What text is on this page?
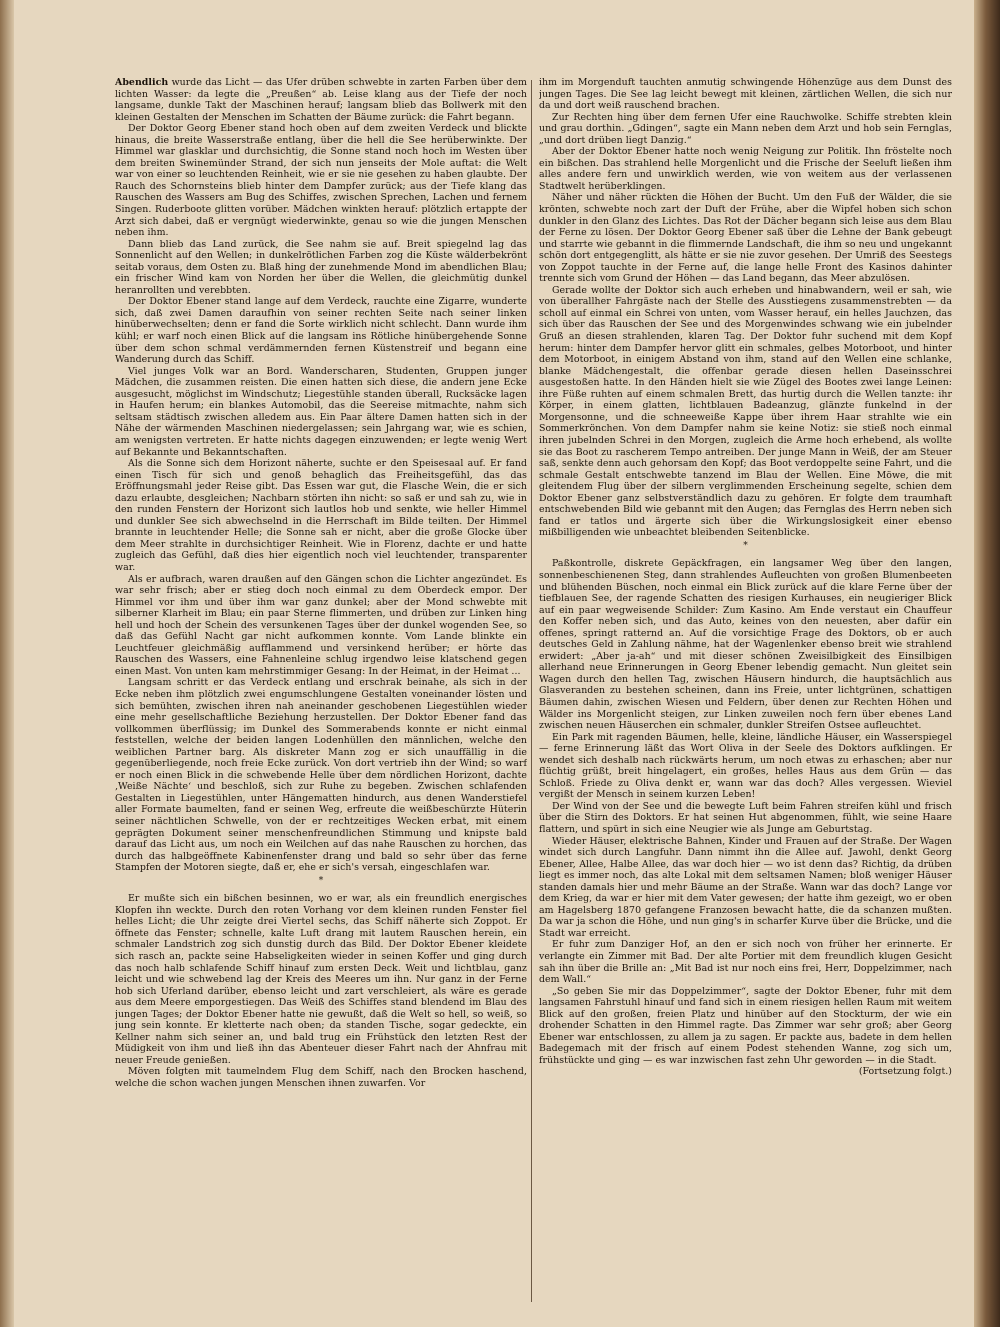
Abendlich wurde das Licht — das Ufer drüben schwebte in zarten Farben über dem lichten Wasser: da legte die „Preußen“ ab. Leise klang aus der Tiefe der noch langsame, dunkle Takt der Maschinen herauf; langsam blieb das Bollwerk mit den kleinen Gestalten der Menschen im Schatten der Bäume zurück: die Fahrt begann.

Der Doktor Georg Ebener stand hoch oben auf dem zweiten Verdeck und blickte hinaus, die breite Wasserstraße entlang, über die hell die See herüberwinkte. Der Himmel war glasklar und durchsichtig, die Sonne stand noch hoch im Westen über dem breiten Swinemünder Strand, der sich nun jenseits der Mole auftat: die Welt war von einer so leuchtenden Reinheit, wie er sie nie gesehen zu haben glaubte. Der Rauch des Schornsteins blieb hinter dem Dampfer zurück; aus der Tiefe klang das Rauschen des Wassers am Bug des Schiffes, zwischen Sprechen, Lachen und fernem Singen. Ruderboote glitten vorüber. Mädchen winkten herauf: plötzlich ertappte der Arzt sich dabei, daß er vergnügt wiederwinkte, genau so wie die jungen Menschen neben ihm.

Dann blieb das Land zurück, die See nahm sie auf. Breit spiegelnd lag das Sonnenlicht auf den Wellen; in dunkelrötlichen Farben zog die Küste wälderbekrönt seitab voraus, dem Osten zu. Blaß hing der zunehmende Mond im abendlichen Blau; ein frischer Wind kam von Norden her über die Wellen, die gleichmütig dunkel heranrollten und verebbten.

Der Doktor Ebener stand lange auf dem Verdeck, rauchte eine Zigarre, wunderte sich, daß zwei Damen daraufhin von seiner rechten Seite nach seiner linken hinüberwechselten; denn er fand die Sorte wirklich nicht schlecht. Dann wurde ihm kühl; er warf noch einen Blick auf die langsam ins Rötliche hinübergehende Sonne über dem schon schmal verdämmernden fernen Küstenstreif und begann eine Wanderung durch das Schiff.

Viel junges Volk war an Bord. Wanderscharen, Studenten, Gruppen junger Mädchen, die zusammen reisten. Die einen hatten sich diese, die andern jene Ecke ausgesucht, möglichst im Windschutz; Liegestühle standen überall, Rucksäcke lagen in Haufen herum; ein blankes Automobil, das die Seereise mitmachte, nahm sich seltsam städtisch zwischen alledem aus. Ein Paar ältere Damen hatten sich in der Nähe der wärmenden Maschinen niedergelassen; sein Jahrgang war, wie es schien, am wenigsten vertreten. Er hatte nichts dagegen einzuwenden; er legte wenig Wert auf Bekannte und Bekanntschaften.

Als die Sonne sich dem Horizont näherte, suchte er den Speisesaal auf. Er fand einen Tisch für sich und genoß behaglich das Freiheitsgefühl, das das Eröffnungsmahl jeder Reise gibt. Das Essen war gut, die Flasche Wein, die er sich dazu erlaubte, desgleichen; Nachbarn störten ihn nicht: so saß er und sah zu, wie in den runden Fenstern der Horizont sich lautlos hob und senkte, wie heller Himmel und dunkler See sich abwechselnd in die Herrschaft im Bilde teilten. Der Himmel brannte in leuchtender Helle; die Sonne sah er nicht, aber die große Glocke über dem Meer strahlte in durchsichtiger Reinheit. Wie in Florenz, dachte er und hatte zugleich das Gefühl, daß dies hier eigentlich noch viel leuchtender, transparenter war.

Als er aufbrach, waren draußen auf den Gängen schon die Lichter angezündet. Es war sehr frisch; aber er stieg doch noch einmal zu dem Oberdeck empor. Der Himmel vor ihm und über ihm war ganz dunkel; aber der Mond schwebte mit silberner Klarheit im Blau; ein paar Sterne flimmerten, und drüben zur Linken hing hell und hoch der Schein des versunkenen Tages über der dunkel wogenden See, so daß das Gefühl Nacht gar nicht aufkommen konnte. Vom Lande blinkte ein Leuchtfeuer gleichmäßig aufflammend und versinkend herüber; er hörte das Rauschen des Wassers, eine Fahnenleine schlug irgendwo leise klatschend gegen einen Mast. Von unten kam mehrstimmiger Gesang: In der Heimat, in der Heimat ...

Langsam schritt er das Verdeck entlang und erschrak beinahe, als sich in der Ecke neben ihm plötzlich zwei engumschlungene Gestalten voneinander lösten und sich bemühten, zwischen ihren nah aneinander geschobenen Liegestühlen wieder eine mehr gesellschaftliche Beziehung herzustellen. Der Doktor Ebener fand das vollkommen überflüssig; im Dunkel des Sommerabends konnte er nicht einmal feststellen, welche der beiden langen Lodenhüllen den männlichen, welche den weiblichen Partner barg. Als diskreter Mann zog er sich unauffällig in die gegenüberliegende, noch freie Ecke zurück. Von dort vertrieb ihn der Wind; so warf er noch einen Blick in die schwebende Helle über dem nördlichen Horizont, dachte ‚Weiße Nächte‘ und beschloß, sich zur Ruhe zu begeben. Zwischen schlafenden Gestalten in Liegestühlen, unter Hängematten hindurch, aus denen Wanderstiefel aller Formate baumelten, fand er seinen Weg, erfreute die weißbeschürzte Hüterin seiner nächtlichen Schwelle, von der er rechtzeitiges Wecken erbat, mit einem geprägten Dokument seiner menschenfreundlichen Stimmung und knipste bald darauf das Licht aus, um noch ein Weilchen auf das nahe Rauschen zu horchen, das durch das halbgeöffnete Kabinenfenster drang und bald so sehr über das ferne Stampfen der Motoren siegte, daß er, ehe er sich's versah, eingeschlafen war.

*

Er mußte sich ein bißchen besinnen, wo er war, als ein freundlich energisches Klopfen ihn weckte. Durch den roten Vorhang vor dem kleinen runden Fenster fiel helles Licht; die Uhr zeigte drei Viertel sechs, das Schiff näherte sich Zoppot. Er öffnete das Fenster; schnelle, kalte Luft drang mit lautem Rauschen herein, ein schmaler Landstrich zog sich dunstig durch das Bild. Der Doktor Ebener kleidete sich rasch an, packte seine Habseligkeiten wieder in seinen Koffer und ging durch das noch halb schlafende Schiff hinauf zum ersten Deck. Weit und lichtblau, ganz leicht und wie schwebend lag der Kreis des Meeres um ihn. Nur ganz in der Ferne hob sich Uferland darüber, ebenso leicht und zart verschleiert, als wäre es gerade aus dem Meere emporgestiegen. Das Weiß des Schiffes stand blendend im Blau des jungen Tages; der Doktor Ebener hatte nie gewußt, daß die Welt so hell, so weiß, so jung sein konnte. Er kletterte nach oben; da standen Tische, sogar gedeckte, ein Kellner nahm sich seiner an, und bald trug ein Frühstück den letzten Rest der Müdigkeit von ihm und ließ ihn das Abenteuer dieser Fahrt nach der Ahnfrau mit neuer Freude genießen.

Möven folgten mit taumelndem Flug dem Schiff, nach den Brocken haschend, welche die schon wachen jungen Menschen ihnen zuwarfen. Vor

ihm im Morgenduft tauchten anmutig schwingende Höhenzüge aus dem Dunst des jungen Tages. Die See lag leicht bewegt mit kleinen, zärtlichen Wellen, die sich nur da und dort weiß rauschend brachen.

Zur Rechten hing über dem fernen Ufer eine Rauchwolke. Schiffe strebten klein und grau dorthin. „Gdingen“, sagte ein Mann neben dem Arzt und hob sein Fernglas, „und dort drüben liegt Danzig.“

Aber der Doktor Ebener hatte noch wenig Neigung zur Politik. Ihn fröstelte noch ein bißchen. Das strahlend helle Morgenlicht und die Frische der Seeluft ließen ihm alles andere fern und unwirklich werden, wie von weitem aus der verlassenen Stadtwelt herüberklingen.

Näher und näher rückten die Höhen der Bucht. Um den Fuß der Wälder, die sie krönten, schwebte noch zart der Duft der Frühe, aber die Wipfel hoben sich schon dunkler in den Glanz des Lichtes. Das Rot der Dächer begann sich leise aus dem Blau der Ferne zu lösen. Der Doktor Georg Ebener saß über die Lehne der Bank gebeugt und starrte wie gebannt in die flimmernde Landschaft, die ihm so neu und ungekannt schön dort entgegenglitt, als hätte er sie nie zuvor gesehen. Der Umriß des Seestegs von Zoppot tauchte in der Ferne auf, die lange helle Front des Kasinos dahinter trennte sich vom Grund der Höhen — das Land begann, das Meer abzulösen.

Gerade wollte der Doktor sich auch erheben und hinabwandern, weil er sah, wie von überallher Fahrgäste nach der Stelle des Ausstiegens zusammenstrebten — da scholl auf einmal ein Schrei von unten, vom Wasser herauf, ein helles Jauchzen, das sich über das Rauschen der See und des Morgenwindes schwang wie ein jubelnder Gruß an diesen strahlenden, klaren Tag. Der Doktor fuhr suchend mit dem Kopf herum: hinter dem Dampfer hervor glitt ein schmales, gelbes Motorboot, und hinter dem Motorboot, in einigem Abstand von ihm, stand auf den Wellen eine schlanke, blanke Mädchengestalt, die offenbar gerade diesen hellen Daseinsschrei ausgestoßen hatte. In den Händen hielt sie wie Zügel des Bootes zwei lange Leinen: ihre Füße ruhten auf einem schmalen Brett, das hurtig durch die Wellen tanzte: ihr Körper, in einem glatten, lichtblauen Badeanzug, glänzte funkelnd in der Morgensonne, und die schneeweiße Kappe über ihrem Haar strahlte wie ein Sommerkrönchen. Von dem Dampfer nahm sie keine Notiz: sie stieß noch einmal ihren jubelnden Schrei in den Morgen, zugleich die Arme hoch erhebend, als wollte sie das Boot zu rascherem Tempo antreiben. Der junge Mann in Weiß, der am Steuer saß, senkte denn auch gehorsam den Kopf; das Boot verdoppelte seine Fahrt, und die schmale Gestalt entschwebte tanzend im Blau der Wellen. Eine Möwe, die mit gleitendem Flug über der silbern verglimmenden Erscheinung segelte, schien dem Doktor Ebener ganz selbstverständlich dazu zu gehören. Er folgte dem traumhaft entschwebenden Bild wie gebannt mit den Augen; das Fernglas des Herrn neben sich fand er tatlos und ärgerte sich über die Wirkungslosigkeit einer ebenso mißbilligenden wie unbeachtet bleibenden Seitenblicke.

*

Paßkontrolle, diskrete Gepäckfragen, ein langsamer Weg über den langen, sonnenbeschienenen Steg, dann strahlendes Aufleuchten von großen Blumenbeeten und blühenden Büschen, noch einmal ein Blick zurück auf die klare Ferne über der tiefblauen See, der ragende Schatten des riesigen Kurhauses, ein neugieriger Blick auf ein paar wegweisende Schilder: Zum Kasino. Am Ende verstaut ein Chauffeur den Koffer neben sich, und das Auto, keines von den neuesten, aber dafür ein offenes, springt ratternd an. Auf die vorsichtige Frage des Doktors, ob er auch deutsches Geld in Zahlung nähme, hat der Wagenlenker ebenso breit wie strahlend erwidert: „Aber ja-ah“ und mit dieser schönen Zweisilbigkeit des Einsilbigen allerhand neue Erinnerungen in Georg Ebener lebendig gemacht. Nun gleitet sein Wagen durch den hellen Tag, zwischen Häusern hindurch, die hauptsächlich aus Glasveranden zu bestehen scheinen, dann ins Freie, unter lichtgrünen, schattigen Bäumen dahin, zwischen Wiesen und Feldern, über denen zur Rechten Höhen und Wälder ins Morgenlicht steigen, zur Linken zuweilen noch fern über ebenes Land zwischen neuen Häuserchen ein schmaler, dunkler Streifen Ostsee aufleuchtet.

Ein Park mit ragenden Bäumen, helle, kleine, ländliche Häuser, ein Wasserspiegel — ferne Erinnerung läßt das Wort Oliva in der Seele des Doktors aufklingen. Er wendet sich deshalb nach rückwärts herum, um noch etwas zu erhaschen; aber nur flüchtig grüßt, breit hingelagert, ein großes, helles Haus aus dem Grün — das Schloß. Friede zu Oliva denkt er, wann war das doch? Alles vergessen. Wieviel vergißt der Mensch in seinem kurzen Leben!

Der Wind von der See und die bewegte Luft beim Fahren streifen kühl und frisch über die Stirn des Doktors. Er hat seinen Hut abgenommen, fühlt, wie seine Haare flattern, und spürt in sich eine Neugier wie als Junge am Geburtstag.

Wieder Häuser, elektrische Bahnen, Kinder und Frauen auf der Straße. Der Wagen windet sich durch Langfuhr. Dann nimmt ihn die Allee auf. Jawohl, denkt Georg Ebener, Allee, Halbe Allee, das war doch hier — wo ist denn das? Richtig, da drüben liegt es immer noch, das alte Lokal mit dem seltsamen Namen; bloß weniger Häuser standen damals hier und mehr Bäume an der Straße. Wann war das doch? Lange vor dem Krieg, da war er hier mit dem Vater gewesen; der hatte ihm gezeigt, wo er oben am Hagelsberg 1870 gefangene Franzosen bewacht hatte, die da schanzen mußten. Da war ja schon die Höhe, und nun ging's in scharfer Kurve über die Brücke, und die Stadt war erreicht.

Er fuhr zum Danziger Hof, an den er sich noch von früher her erinnerte. Er verlangte ein Zimmer mit Bad. Der alte Portier mit dem freundlich klugen Gesicht sah ihn über die Brille an: „Mit Bad ist nur noch eins frei, Herr, Doppelzimmer, nach dem Wall.“

„So geben Sie mir das Doppelzimmer“, sagte der Doktor Ebener, fuhr mit dem langsamen Fahrstuhl hinauf und fand sich in einem riesigen hellen Raum mit weitem Blick auf den großen, freien Platz und hinüber auf den Stockturm, der wie ein drohender Schatten in den Himmel ragte. Das Zimmer war sehr groß; aber Georg Ebener war entschlossen, zu allem ja zu sagen. Er packte aus, badete in dem hellen Badegemach mit der frisch auf einem Podest stehenden Wanne, zog sich um, frühstückte und ging — es war inzwischen fast zehn Uhr geworden — in die Stadt.

(Fortsetzung folgt.)
